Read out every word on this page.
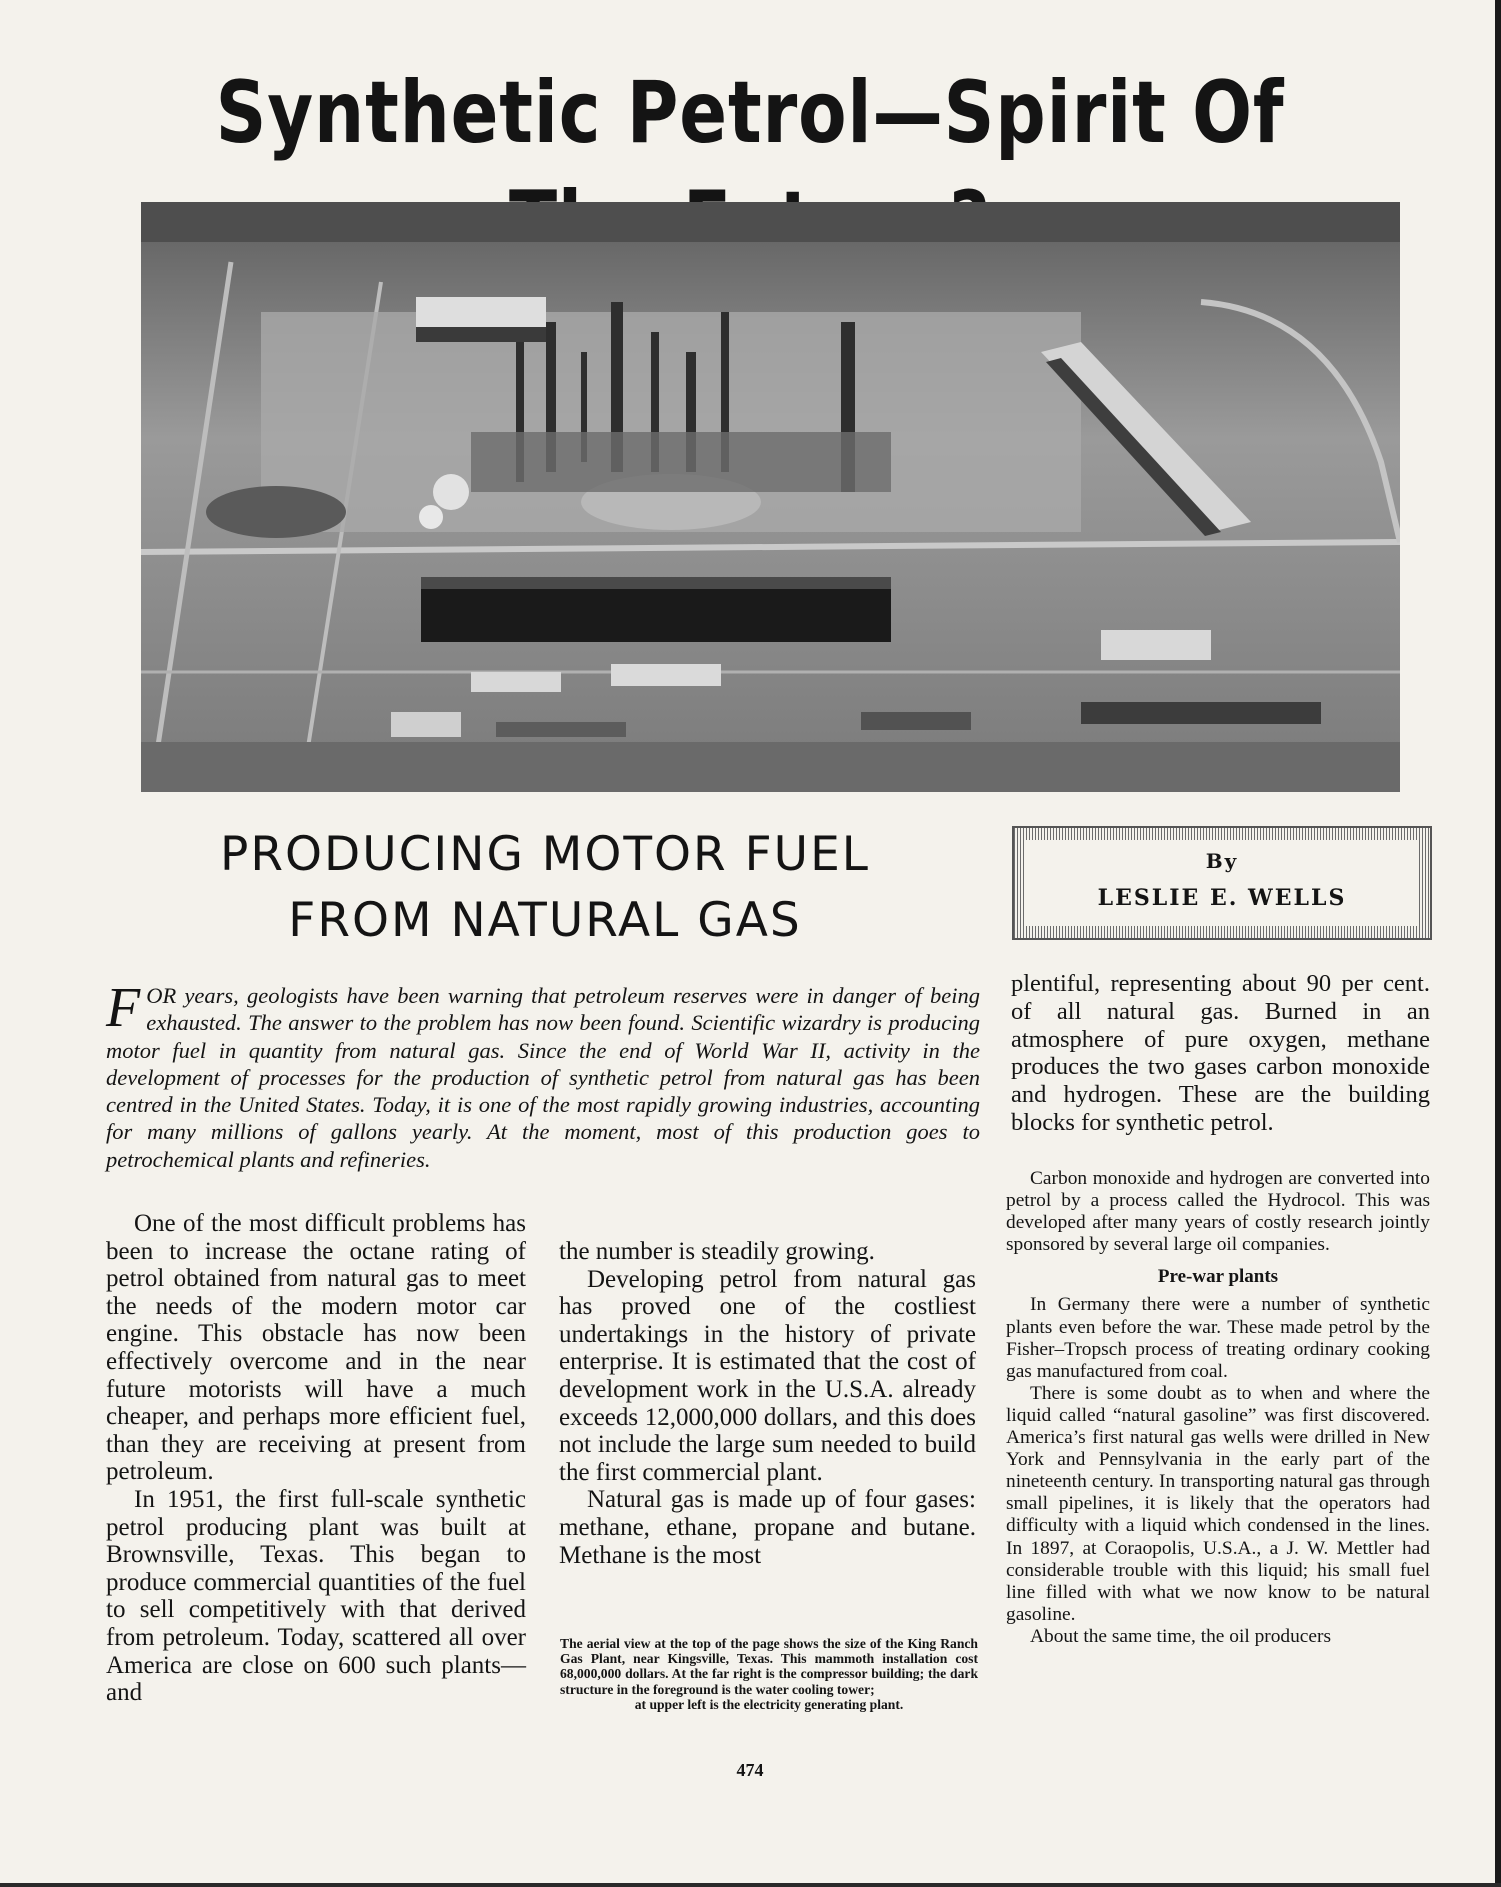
Synthetic Petrol—Spirit Of
PRODUCING MOTOR FUEL
FROM NATURAL GAS
By
LESLIE E. WELLS

FOR years, geologists have been warning that petroleum reserves were in danger of being exhausted. The answer to the problem has now been found. Scientific wizardry is producing motor fuel in quantity from natural gas. Since the end of World War II, activity in the development of processes for the production of synthetic petrol from natural gas has been centred in the United States. Today, it is one of the most rapidly growing industries, accounting for many millions of gallons yearly. At the moment, most of this production goes to petrochemical plants and refineries.

One of the most difficult problems has been to increase the octane rating of petrol obtained from natural gas to meet the needs of the modern motor car engine. This obstacle has now been effectively overcome and in the near future motorists will have a much cheaper, and perhaps more efficient fuel, than they are receiving at present from petroleum.

In 1951, the first full-scale synthetic petrol producing plant was built at Brownsville, Texas. This began to produce commercial quantities of the fuel to sell competitively with that derived from petroleum. Today, scattered all over America are close on 600 such plants—and

the number is steadily growing.

Developing petrol from natural gas has proved one of the costliest undertakings in the history of private enterprise. It is estimated that the cost of development work in the U.S.A. already exceeds 12,000,000 dollars, and this does not include the large sum needed to build the first commercial plant.

Natural gas is made up of four gases: methane, ethane, propane and butane. Methane is the most

The aerial view at the top of the page shows the size of the King Ranch Gas Plant, near Kingsville, Texas. This mammoth installation cost 68,000,000 dollars. At the far right is the compressor building; the dark structure in the foreground is the water cooling tower;
at upper left is the electricity generating plant.

plentiful, representing about 90 per cent. of all natural gas. Burned in an atmosphere of pure oxygen, methane produces the two gases carbon monoxide and hydrogen. These are the building blocks for synthetic petrol.

Carbon monoxide and hydrogen are converted into petrol by a process called the Hydrocol. This was developed after many years of costly research jointly sponsored by several large oil companies.

Pre-war plants

In Germany there were a number of synthetic plants even before the war. These made petrol by the Fisher–Tropsch process of treating ordinary cooking gas manufactured from coal.

There is some doubt as to when and where the liquid called “natural gasoline” was first discovered. America’s first natural gas wells were drilled in New York and Pennsylvania in the early part of the nineteenth century. In transporting natural gas through small pipelines, it is likely that the operators had difficulty with a liquid which condensed in the lines. In 1897, at Coraopolis, U.S.A., a J. W. Mettler had considerable trouble with this liquid; his small fuel line filled with what we now know to be natural gasoline.

About the same time, the oil producers

474
